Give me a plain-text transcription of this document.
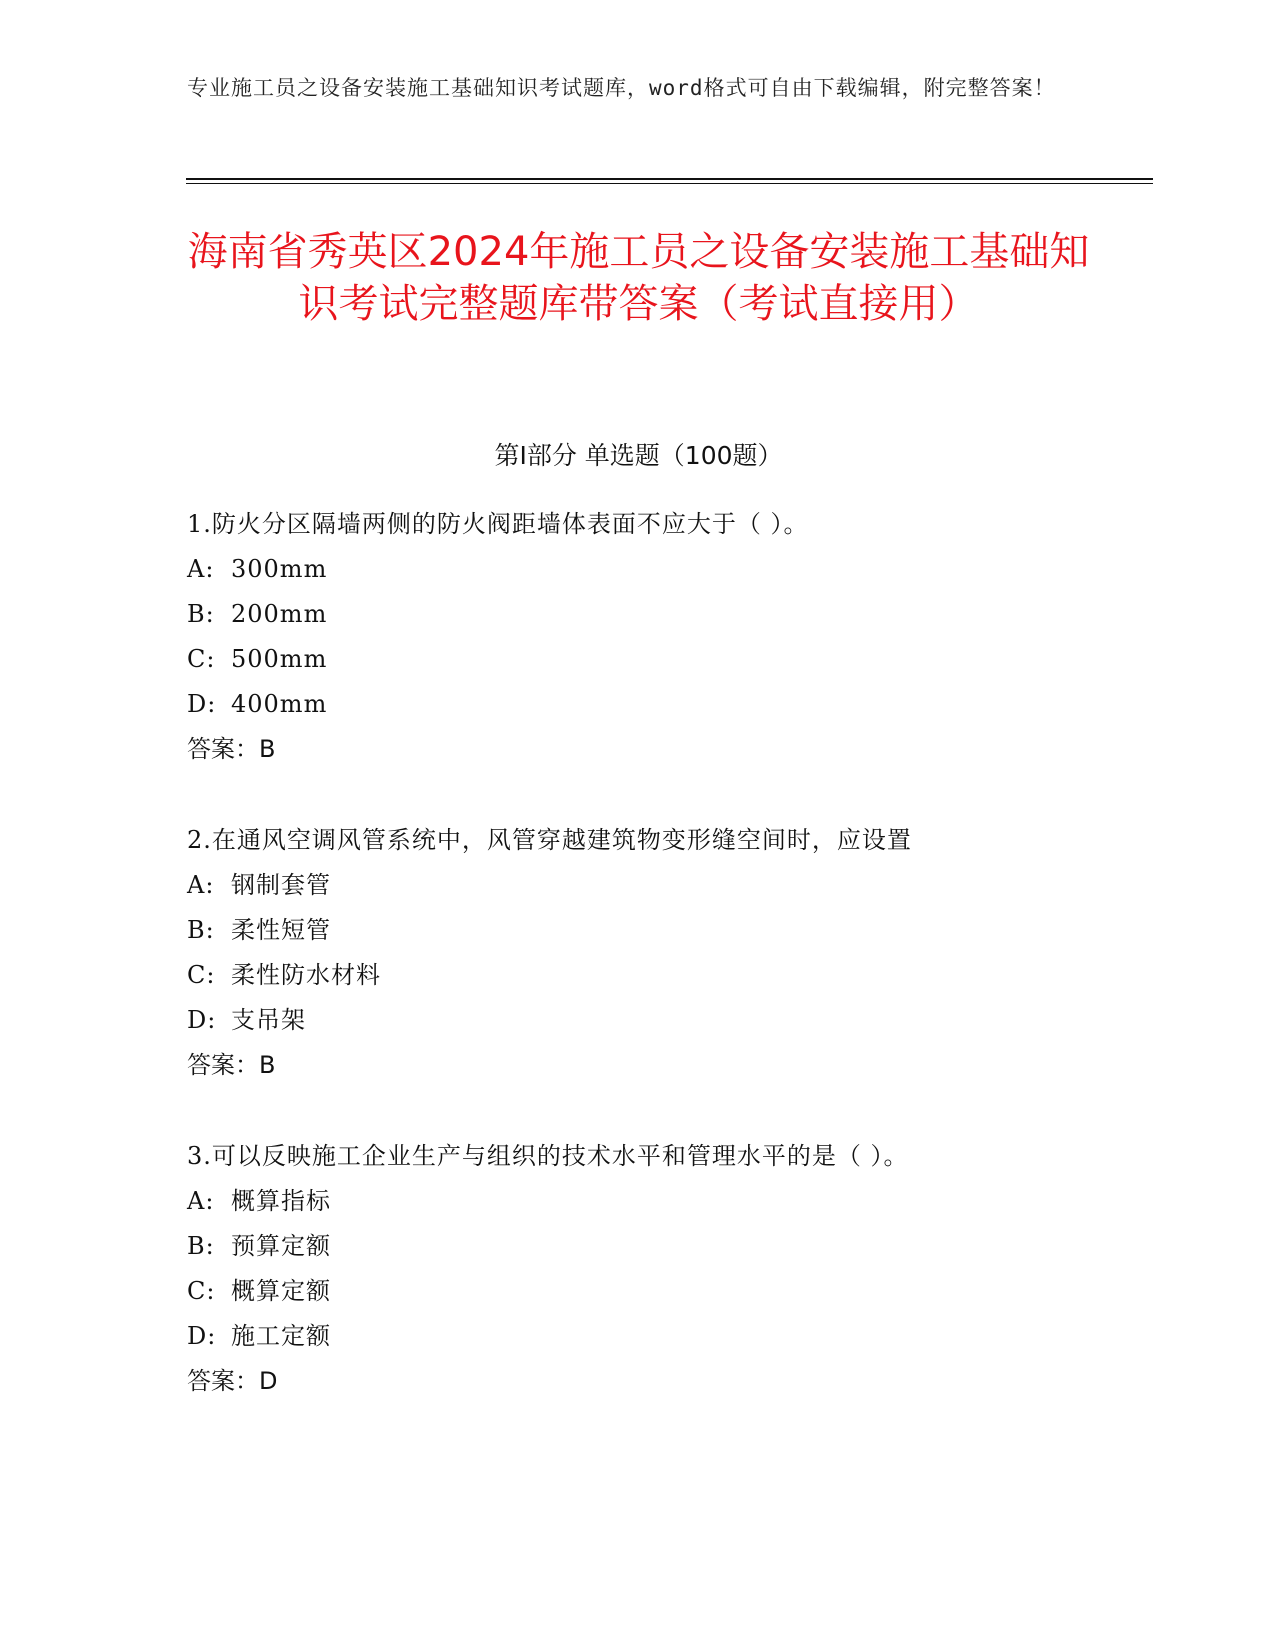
专业施工员之设备安装施工基础知识考试题库，word格式可自由下载编辑，附完整答案！
海南省秀英区2024年施工员之设备安装施工基础知识考试完整题库带答案（考试直接用）
第I部分 单选题（100题）
1.防火分区隔墙两侧的防火阀距墙体表面不应大于（ ）。
A: 300mm
B: 200mm
C: 500mm
D: 400mm
答案：B
2.在通风空调风管系统中，风管穿越建筑物变形缝空间时，应设置
A: 钢制套管
B: 柔性短管
C: 柔性防水材料
D: 支吊架
答案：B
3.可以反映施工企业生产与组织的技术水平和管理水平的是（ ）。
A: 概算指标
B: 预算定额
C: 概算定额
D: 施工定额
答案：D
